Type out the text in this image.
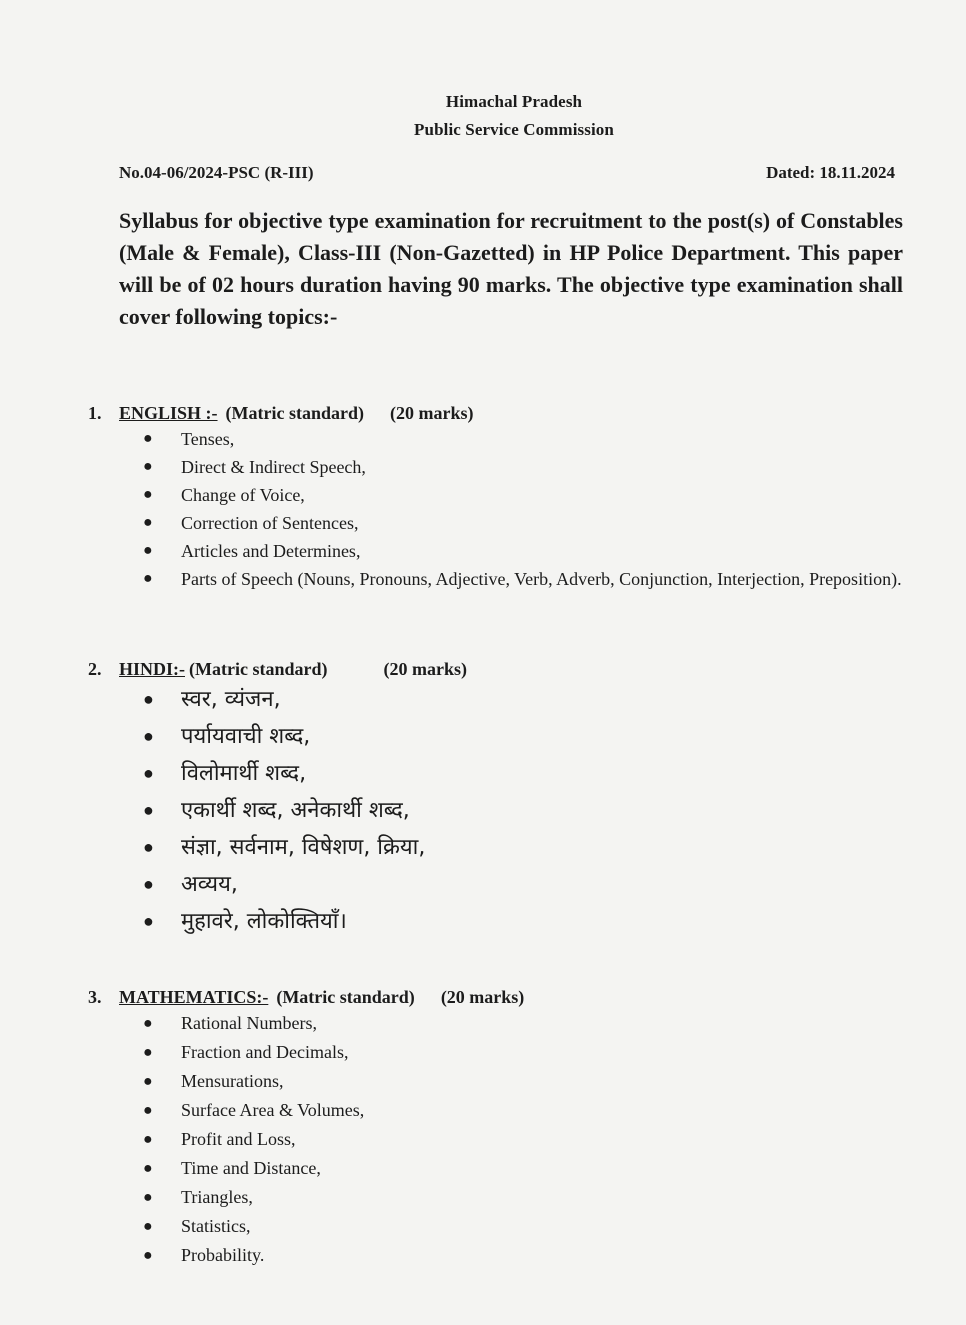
Himachal Pradesh
Public Service Commission
No.04-06/2024-PSC (R-III)	Dated: 18.11.2024
Syllabus for objective type examination for recruitment to the post(s) of Constables (Male & Female), Class-III (Non-Gazetted) in HP Police Department. This paper will be of 02 hours duration having 90 marks. The objective type examination shall cover following topics:-
1. ENGLISH :- (Matric standard) (20 marks)
● Tenses,
● Direct & Indirect Speech,
● Change of Voice,
● Correction of Sentences,
● Articles and Determines,
● Parts of Speech (Nouns, Pronouns, Adjective, Verb, Adverb, Conjunction, Interjection, Preposition).
2. HINDI:- (Matric standard)	(20 marks)
● स्वर, व्यंजन,
● पर्यायवाची शब्द,
● विलोमार्थी शब्द,
● एकार्थी शब्द, अनेकार्थी शब्द,
● संज्ञा, सर्वनाम, विषेशण, क्रिया,
● अव्यय,
● मुहावरे, लोकोक्तियाँ।
3. MATHEMATICS:- (Matric standard) (20 marks)
● Rational Numbers,
● Fraction and Decimals,
● Mensurations,
● Surface Area & Volumes,
● Profit and Loss,
● Time and Distance,
● Triangles,
● Statistics,
● Probability.
